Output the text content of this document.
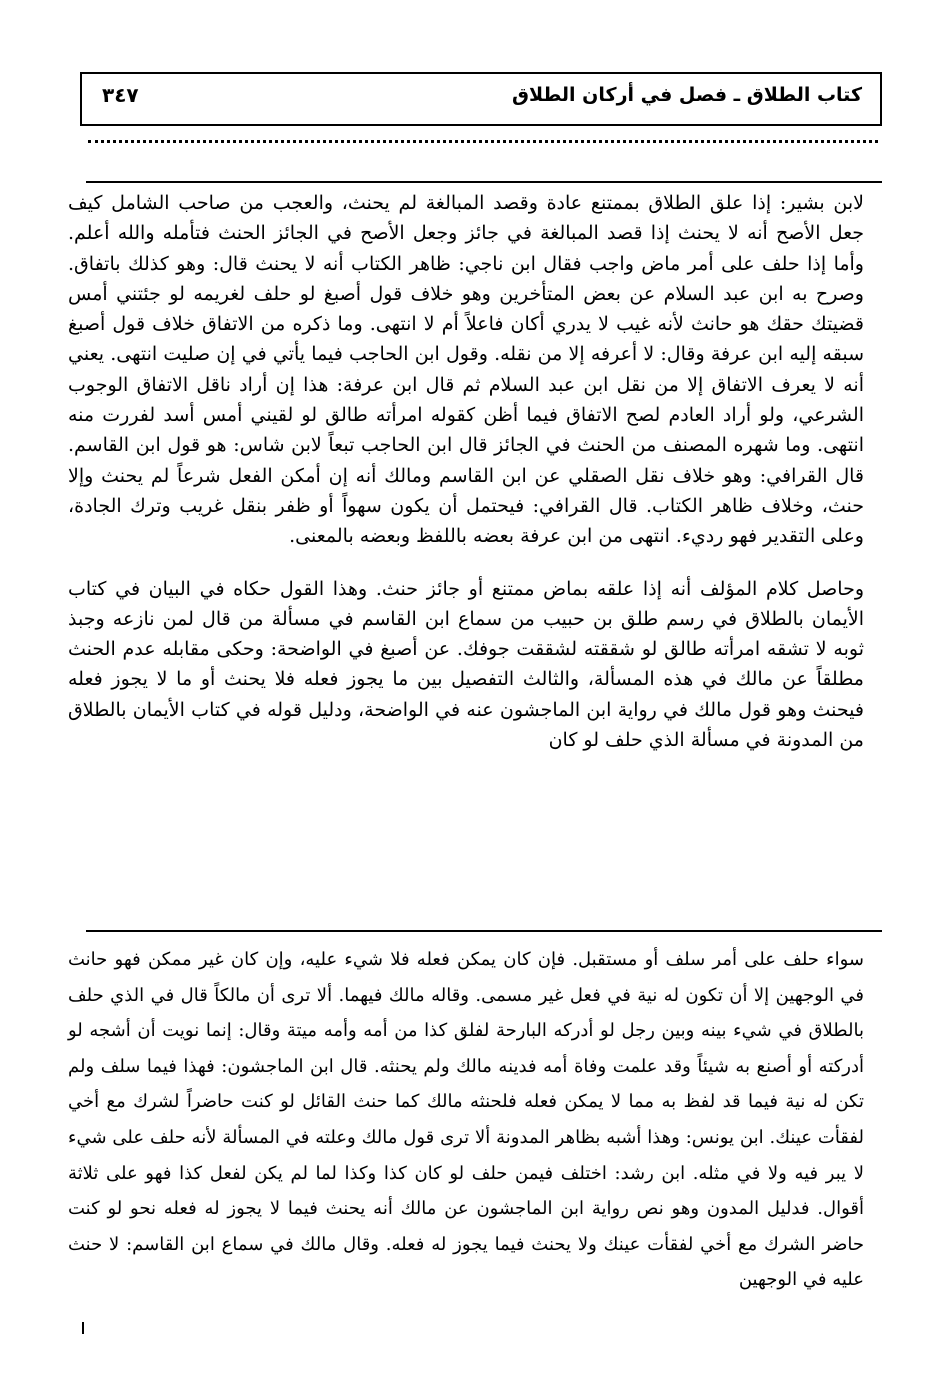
كتاب الطلاق ـ فصل في أركان الطلاق
٣٤٧

لابن بشير: إذا علق الطلاق بممتنع عادة وقصد المبالغة لم يحنث، والعجب من صاحب الشامل كيف جعل الأصح أنه لا يحنث إذا قصد المبالغة في جائز وجعل الأصح في الجائز الحنث فتأمله والله أعلم. وأما إذا حلف على أمر ماض واجب فقال ابن ناجي: ظاهر الكتاب أنه لا يحنث قال: وهو كذلك باتفاق. وصرح به ابن عبد السلام عن بعض المتأخرين وهو خلاف قول أصبغ لو حلف لغريمه لو جئتني أمس قضيتك حقك هو حانث لأنه غيب لا يدري أكان فاعلاً أم لا انتهى. وما ذكره من الاتفاق خلاف قول أصبغ سبقه إليه ابن عرفة وقال: لا أعرفه إلا من نقله. وقول ابن الحاجب فيما يأتي في إن صليت انتهى. يعني أنه لا يعرف الاتفاق إلا من نقل ابن عبد السلام ثم قال ابن عرفة: هذا إن أراد ناقل الاتفاق الوجوب الشرعي، ولو أراد العادم لصح الاتفاق فيما أظن كقوله امرأته طالق لو لقيني أمس أسد لفررت منه انتهى. وما شهره المصنف من الحنث في الجائز قال ابن الحاجب تبعاً لابن شاس: هو قول ابن القاسم. قال القرافي: وهو خلاف نقل الصقلي عن ابن القاسم ومالك أنه إن أمكن الفعل شرعاً لم يحنث وإلا حنث، وخلاف ظاهر الكتاب. قال القرافي: فيحتمل أن يكون سهواً أو ظفر بنقل غريب وترك الجادة، وعلى التقدير فهو رديء. انتهى من ابن عرفة بعضه باللفظ وبعضه بالمعنى.

وحاصل كلام المؤلف أنه إذا علقه بماض ممتنع أو جائز حنث. وهذا القول حكاه في البيان في كتاب الأيمان بالطلاق في رسم طلق بن حبيب من سماع ابن القاسم في مسألة من قال لمن نازعه وجبذ ثوبه لا تشقه امرأته طالق لو شققته لشققت جوفك. عن أصبغ في الواضحة: وحكى مقابله عدم الحنث مطلقاً عن مالك في هذه المسألة، والثالث التفصيل بين ما يجوز فعله فلا يحنث أو ما لا يجوز فعله فيحنث وهو قول مالك في رواية ابن الماجشون عنه في الواضحة، ودليل قوله في كتاب الأيمان بالطلاق من المدونة في مسألة الذي حلف لو كان

سواء حلف على أمر سلف أو مستقبل. فإن كان يمكن فعله فلا شيء عليه، وإن كان غير ممكن فهو حانث في الوجهين إلا أن تكون له نية في فعل غير مسمى. وقاله مالك فيهما. ألا ترى أن مالكاً قال في الذي حلف بالطلاق في شيء بينه وبين رجل لو أدركه البارحة لفلق كذا من أمه وأمه ميتة وقال: إنما نويت أن أشجه لو أدركته أو أصنع به شيئاً وقد علمت وفاة أمه فدينه مالك ولم يحنثه. قال ابن الماجشون: فهذا فيما سلف ولم تكن له نية فيما قد لفظ به مما لا يمكن فعله فلحنثه مالك كما حنث القائل لو كنت حاضراً لشرك مع أخي لفقأت عينك. ابن يونس: وهذا أشبه بظاهر المدونة ألا ترى قول مالك وعلته في المسألة لأنه حلف على شيء لا يبر فيه ولا في مثله. ابن رشد: اختلف فيمن حلف لو كان كذا وكذا لما لم يكن لفعل كذا فهو على ثلاثة أقوال. فدليل المدون وهو نص رواية ابن الماجشون عن مالك أنه يحنث فيما لا يجوز له فعله نحو لو كنت حاضر الشرك مع أخي لفقأت عينك ولا يحنث فيما يجوز له فعله. وقال مالك في سماع ابن القاسم: لا حنث عليه في الوجهين
